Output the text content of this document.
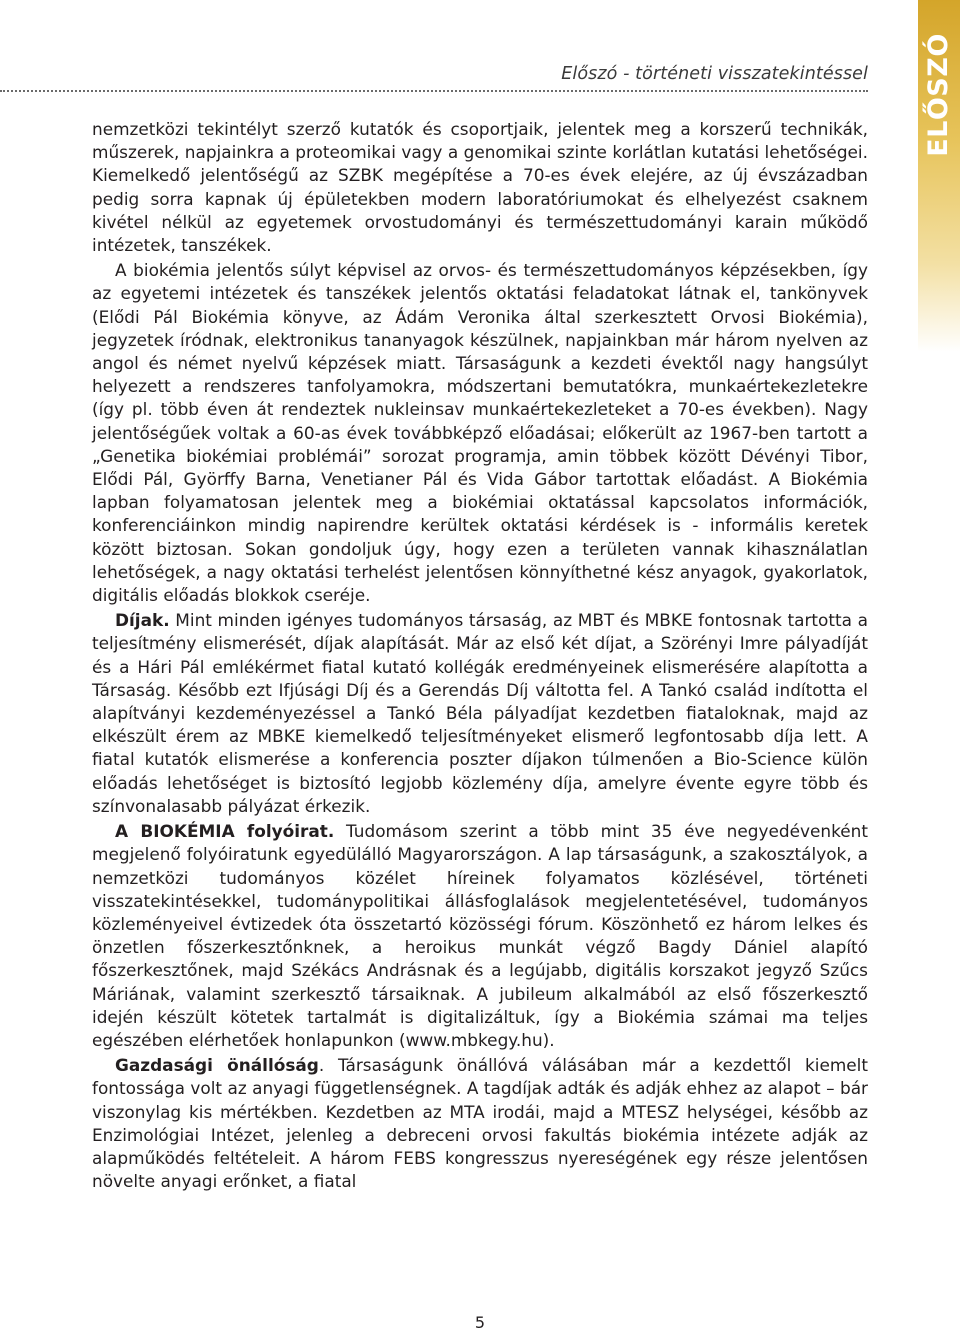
Előszó - történeti visszatekintéssel ELŐSZÓ

nemzetközi tekintélyt szerző kutatók és csoportjaik, jelentek meg a korszerű technikák, műszerek, napjainkra a proteomikai vagy a genomikai szinte korlátlan kutatási lehetőségei. Kiemelkedő jelentőségű az SZBK megépítése a 70-es évek elejére, az új évszázadban pedig sorra kapnak új épületekben modern laboratóriumokat és elhelyezést csaknem kivétel nélkül az egyetemek orvostudományi és természettudományi karain működő intézetek, tanszékek.

A biokémia jelentős súlyt képvisel az orvos- és természettudományos képzésekben, így az egyetemi intézetek és tanszékek jelentős oktatási feladatokat látnak el, tankönyvek (Elődi Pál Biokémia könyve, az Ádám Veronika által szerkesztett Orvosi Biokémia), jegyzetek íródnak, elektronikus tananyagok készülnek, napjainkban már három nyelven az angol és német nyelvű képzések miatt. Társaságunk a kezdeti évektől nagy hangsúlyt helyezett a rendszeres tanfolyamokra, módszertani bemutatókra, munkaértekezletekre (így pl. több éven át rendeztek nukleinsav munkaértekezleteket a 70-es években). Nagy jelentőségűek voltak a 60-as évek továbbképző előadásai; előkerült az 1967-ben tartott a „Genetika biokémiai problémái” sorozat programja, amin többek között Dévényi Tibor, Elődi Pál, Györffy Barna, Venetianer Pál és Vida Gábor tartottak előadást. A Biokémia lapban folyamatosan jelentek meg a biokémiai oktatással kapcsolatos információk, konferenciáinkon mindig napirendre kerültek oktatási kérdések is - informális keretek között biztosan. Sokan gondoljuk úgy, hogy ezen a területen vannak kihasználatlan lehetőségek, a nagy oktatási terhelést jelentősen könnyíthetné kész anyagok, gyakorlatok, digitális előadás blokkok cseréje.

Díjak. Mint minden igényes tudományos társaság, az MBT és MBKE fontosnak tartotta a teljesítmény elismerését, díjak alapítását. Már az első két díjat, a Szörényi Imre pályadíját és a Hári Pál emlékérmet fiatal kutató kollégák eredményeinek elismerésére alapította a Társaság. Később ezt Ifjúsági Díj és a Gerendás Díj váltotta fel. A Tankó család indította el alapítványi kezdeményezéssel a Tankó Béla pályadíjat kezdetben fiataloknak, majd az elkészült érem az MBKE kiemelkedő teljesítményeket elismerő legfontosabb díja lett. A fiatal kutatók elismerése a konferencia poszter díjakon túlmenően a Bio-Science külön előadás lehetőséget is biztosító legjobb közlemény díja, amelyre évente egyre több és színvonalasabb pályázat érkezik.

A BIOKÉMIA folyóirat. Tudomásom szerint a több mint 35 éve negyedévenként megjelenő folyóiratunk egyedülálló Magyarországon. A lap társaságunk, a szakosztályok, a nemzetközi tudományos közélet híreinek folyamatos közlésével, történeti visszatekintésekkel, tudománypolitikai állásfoglalások megjelentetésével, tudományos közleményeivel évtizedek óta összetartó közösségi fórum. Köszönhető ez három lelkes és önzetlen főszerkesztőnknek, a heroikus munkát végző Bagdy Dániel alapító főszerkesztőnek, majd Székács Andrásnak és a legújabb, digitális korszakot jegyző Szűcs Máriának, valamint szerkesztő társaiknak. A jubileum alkalmából az első főszerkesztő idején készült kötetek tartalmát is digitalizáltuk, így a Biokémia számai ma teljes egészében elérhetőek honlapunkon (www.mbkegy.hu).

Gazdasági önállóság. Társaságunk önállóvá válásában már a kezdettől kiemelt fontossága volt az anyagi függetlenségnek. A tagdíjak adták és adják ehhez az alapot – bár viszonylag kis mértékben. Kezdetben az MTA irodái, majd a MTESZ helységei, később az Enzimológiai Intézet, jelenleg a debreceni orvosi fakultás biokémia intézete adják az alapműködés feltételeit. A három FEBS kongresszus nyereségének egy része jelentősen növelte anyagi erőnket, a fiatal

5
